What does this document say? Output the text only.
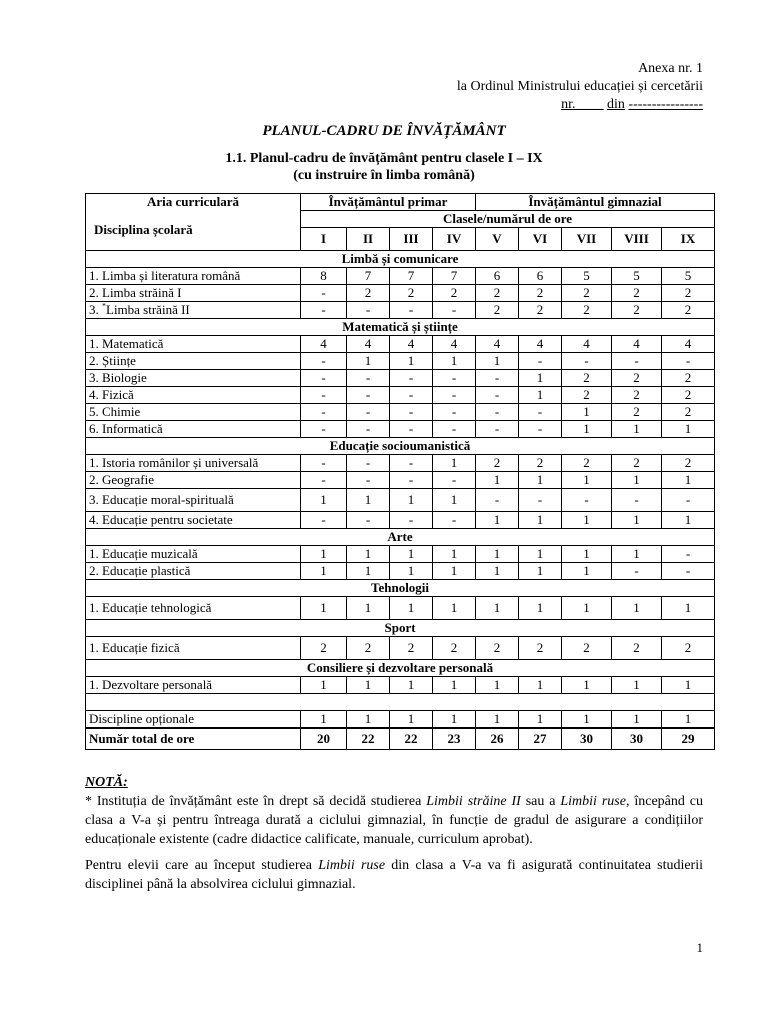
Anexa nr. 1
la Ordinul Ministrului educației și cercetării
nr.____ din ----------------
PLANUL-CADRU DE ÎNVĂȚĂMÂNT
1.1. Planul-cadru de învățământ pentru clasele I – IX
(cu instruire în limba română)
Aria curriculară	Învățământul primar				Învățământul gimnazial				
Disciplina școlară	Clasele/numărul de ore								
	I	II	III	IV	V	VI	VII	VIII	IX
Limbă și comunicare									
1. Limba și literatura română	8	7	7	7	6	6	5	5	5
2. Limba străină I	-	2	2	2	2	2	2	2	2
3. *Limba străină II	-	-	-	-	2	2	2	2	2
Matematică și științe									
1. Matematică	4	4	4	4	4	4	4	4	4
2. Științe	-	1	1	1	1	-	-	-	-
3. Biologie	-	-	-	-	-	1	2	2	2
4. Fizică	-	-	-	-	-	1	2	2	2
5. Chimie	-	-	-	-	-	-	1	2	2
6. Informatică	-	-	-	-	-	-	1	1	1
Educație socioumanistică									
1. Istoria românilor și universală	-	-	-	1	2	2	2	2	2
2. Geografie	-	-	-	-	1	1	1	1	1
3. Educație moral-spirituală	1	1	1	1	-	-	-	-	-
4. Educație pentru societate	-	-	-	-	1	1	1	1	1
Arte									
1. Educație muzicală	1	1	1	1	1	1	1	1	-
2. Educație plastică	1	1	1	1	1	1	1	-	-
Tehnologii									
1. Educație tehnologică	1	1	1	1	1	1	1	1	1
Sport									
1. Educație fizică	2	2	2	2	2	2	2	2	2
Consiliere și dezvoltare personală									
1. Dezvoltare personală	1	1	1	1	1	1	1	1	1

Discipline opționale	1	1	1	1	1	1	1	1	1
Număr total de ore	20	22	22	23	26	27	30	30	29
NOTĂ:

* Instituția de învățământ este în drept să decidă studierea Limbii străine II sau a Limbii ruse, începând cu clasa a V-a și pentru întreaga durată a ciclului gimnazial, în funcție de gradul de asigurare a condițiilor educaționale existente (cadre didactice calificate, manuale, curriculum aprobat).

Pentru elevii care au început studierea Limbii ruse din clasa a V-a va fi asigurată continuitatea studierii disciplinei până la absolvirea ciclului gimnazial.

1
